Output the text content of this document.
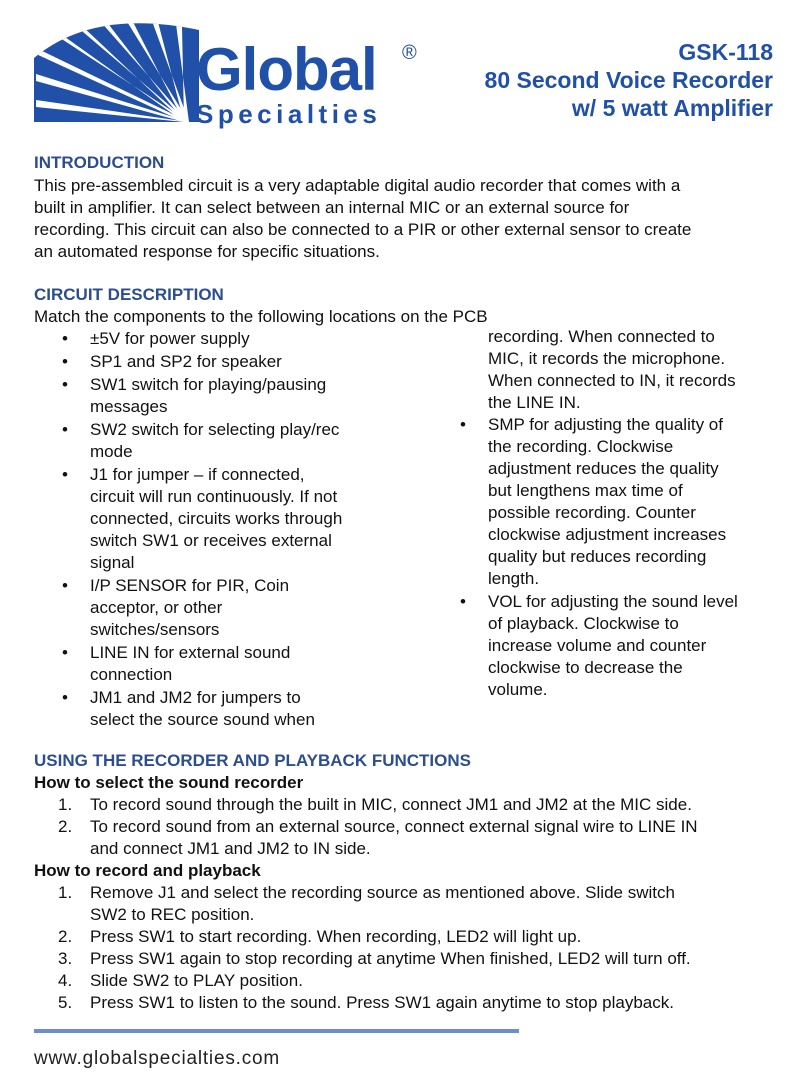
Global ®
Specialties
GSK-118
80 Second Voice Recorder
w/ 5 watt Amplifier
INTRODUCTION
This pre-assembled circuit is a very adaptable digital audio recorder that comes with a
built in amplifier. It can select between an internal MIC or an external source for
recording. This circuit can also be connected to a PIR or other external sensor to create
an automated response for specific situations.
CIRCUIT DESCRIPTION
Match the components to the following locations on the PCB
• ±5V for power supply
• SP1 and SP2 for speaker
• SW1 switch for playing/pausing
messages
• SW2 switch for selecting play/rec
mode
• J1 for jumper – if connected,
circuit will run continuously. If not
connected, circuits works through
switch SW1 or receives external
signal
• I/P SENSOR for PIR, Coin
acceptor, or other
switches/sensors
• LINE IN for external sound
connection
• JM1 and JM2 for jumpers to
select the source sound when
recording. When connected to
MIC, it records the microphone.
When connected to IN, it records
the LINE IN.
• SMP for adjusting the quality of
the recording. Clockwise
adjustment reduces the quality
but lengthens max time of
possible recording. Counter
clockwise adjustment increases
quality but reduces recording
length.
• VOL for adjusting the sound level
of playback. Clockwise to
increase volume and counter
clockwise to decrease the
volume.
USING THE RECORDER AND PLAYBACK FUNCTIONS
How to select the sound recorder
1. To record sound through the built in MIC, connect JM1 and JM2 at the MIC side.
2. To record sound from an external source, connect external signal wire to LINE IN
and connect JM1 and JM2 to IN side.
How to record and playback
1. Remove J1 and select the recording source as mentioned above. Slide switch
SW2 to REC position.
2. Press SW1 to start recording. When recording, LED2 will light up.
3. Press SW1 again to stop recording at anytime When finished, LED2 will turn off.
4. Slide SW2 to PLAY position.
5. Press SW1 to listen to the sound. Press SW1 again anytime to stop playback.
www.globalspecialties.com
